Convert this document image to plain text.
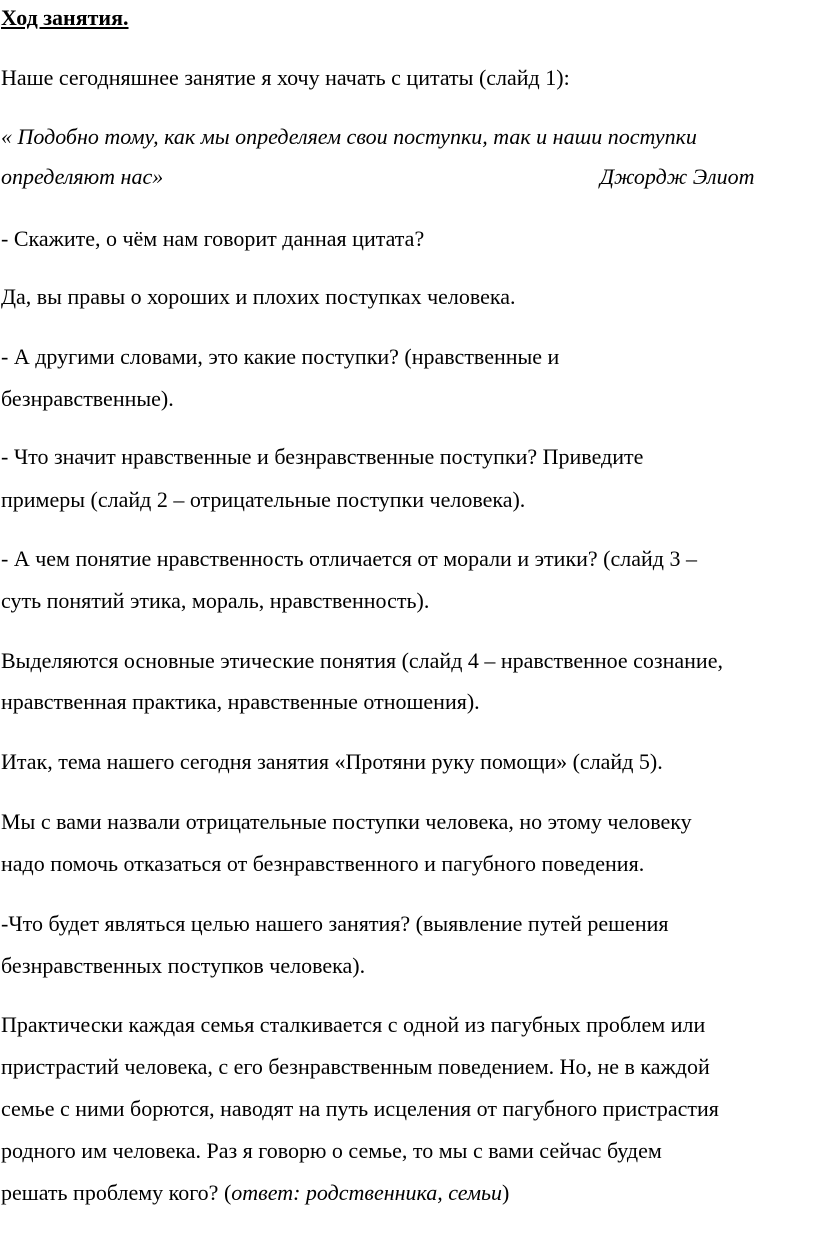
Ход занятия.
Наше сегодняшнее занятие я хочу начать с цитаты (слайд 1):
« Подобно тому, как мы определяем свои поступки, так и наши поступки
определяют нас»	Джордж Элиот
- Скажите, о чём нам говорит данная цитата?
Да, вы правы о хороших и плохих поступках человека.
- А другими словами, это какие поступки? (нравственные и
безнравственные).
- Что значит нравственные и безнравственные поступки? Приведите
примеры (слайд 2 – отрицательные поступки человека).
- А чем понятие нравственность отличается от морали и этики? (слайд 3 –
суть понятий этика, мораль, нравственность).
Выделяются основные этические понятия (слайд 4 – нравственное сознание,
нравственная практика, нравственные отношения).
Итак, тема нашего сегодня занятия «Протяни руку помощи» (слайд 5).
Мы с вами назвали отрицательные поступки человека, но этому человеку
надо помочь отказаться от безнравственного и пагубного поведения.
-Что будет являться целью нашего занятия? (выявление путей решения
безнравственных поступков человека).
Практически каждая семья сталкивается с одной из пагубных проблем или
пристрастий человека, с его безнравственным поведением. Но, не в каждой
семье с ними борются, наводят на путь исцеления от пагубного пристрастия
родного им человека. Раз я говорю о семье, то мы с вами сейчас будем
решать проблему кого? (ответ: родственника, семьи)
